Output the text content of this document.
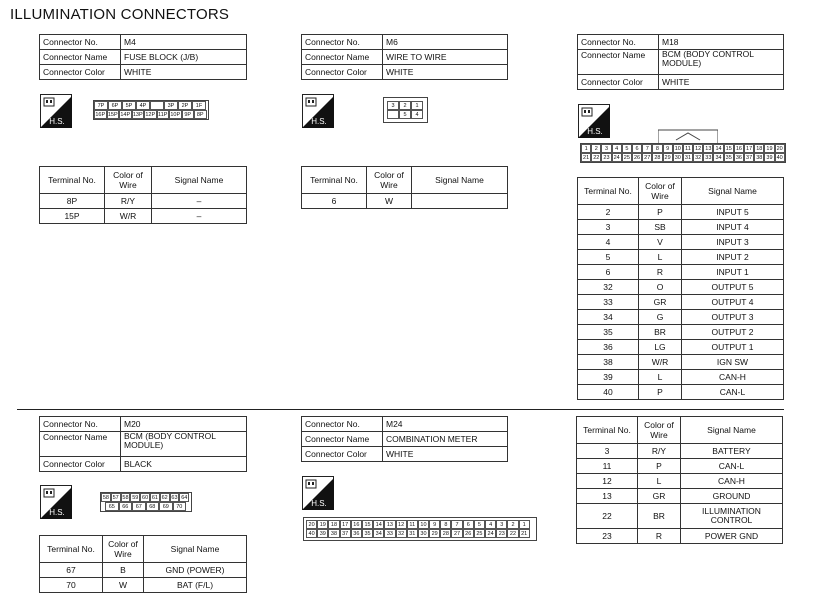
ILLUMINATION CONNECTORS
Connector No.	M4
Connector Name	FUSE BLOCK (J/B)
Connector Color	WHITE
H.S.
7P	6P	5P	4P	3P	2P	1F
16P 15P 14P 13P 12P 11P 10P 9P	8P
Terminal No.	Color of Wire	Signal Name
8P	R/Y	–
15P	W/R	–
Connector No.	M6
Connector Name	WIRE TO WIRE
Connector Color	WHITE
H.S.
3	2	1
5	4
Terminal No.	Color of Wire	Signal Name
6	W	
Connector No.	M18
Connector Name	BCM (BODY CONTROL MODULE)
Connector Color	WHITE
H.S.
1	2	3	4	5	6	7	8	9	10 11 12 13 14 15 16 17 18 19 20
21 22 23 24 25 26 27 28 29 30 31 32 33 34 35 36 37 38 39 40
Terminal No.	Color of Wire	Signal Name
2	P	INPUT 5
3	SB	INPUT 4
4	V	INPUT 3
5	L	INPUT 2
6	R	INPUT 1
32	O	OUTPUT 5
33	GR	OUTPUT 4
34	G	OUTPUT 3
35	BR	OUTPUT 2
36	LG	OUTPUT 1
38	W/R	IGN SW
39	L	CAN-H
40	P	CAN-L
Connector No.	M20
Connector Name	BCM (BODY CONTROL MODULE)
Connector Color	BLACK
H.S.
58 57 58 59 60 61 62 63 64
65	66	67	68	69	70
Terminal No.	Color of Wire	Signal Name
67	B	GND (POWER)
70	W	BAT (F/L)
Connector No.	M24
Connector Name	COMBINATION METER
Connector Color	WHITE
H.S.
20 19 18 17 16 15 14 13 12 11 10	9	8	7	6	5	4	3	2	1
40 39 38 37 36 35 34 33 32 31 30 29 28 27 26 25 24 23 22 21
Terminal No.	Color of Wire	Signal Name
3	R/Y	BATTERY
11	P	CAN-L
12	L	CAN-H
13	GR	GROUND
22	BR	ILLUMINATION CONTROL
23	R	POWER GND
